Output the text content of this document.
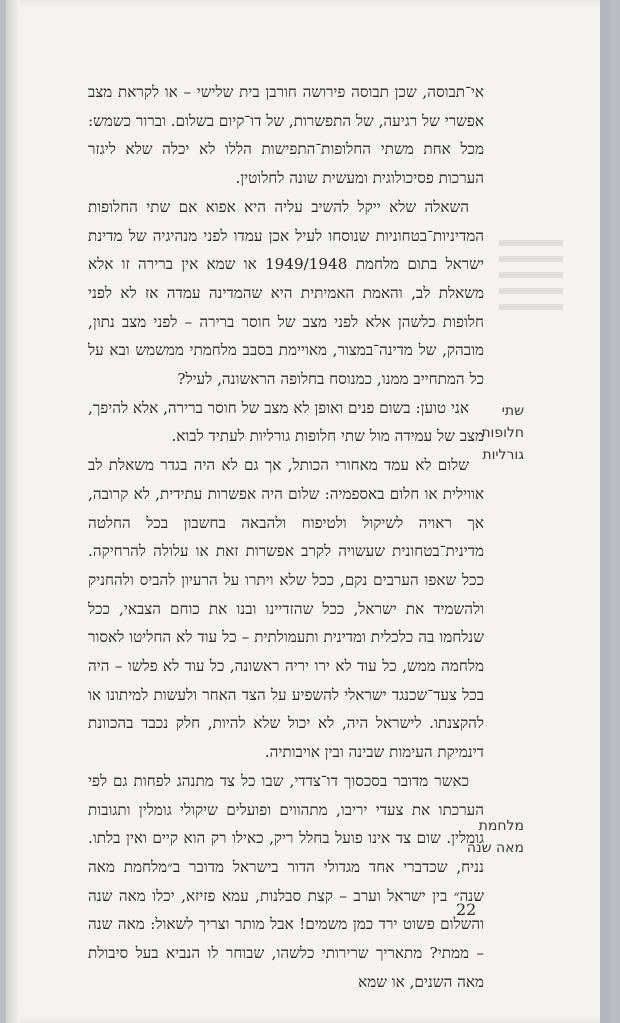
אי־תבוסה, שכן תבוסה פירושה חורבן בית שלישי – או לקראת מצב אפשרי של רגיעה, של התפשרות, של דו־קיום בשלום. וברור כשמש: מכל אחת משתי החלופות־התפישות הללו לא יכלה שלא ליגזר הערכות פסיכולוגית ומעשית שונה לחלוטין.

השאלה שלא ייקל להשיב עליה היא אפוא אם שתי החלופות המדיניות־בטחוניות שנוסחו לעיל אכן עמדו לפני מנהיגיה של מדינת ישראל בתום מלחמת 1949/1948 או שמא אין ברירה זו אלא משאלת לב, והאמת האמיתית היא שהמדינה עמדה אז לא לפני חלופות כלשהן אלא לפני מצב של חוסר ברירה – לפני מצב נתון, מובהק, של מדינה־במצור, מאויימת בסבב מלחמתי ממשמש ובא על כל המתחייב ממנו, כמנוסח בחלופה הראשונה, לעיל?

אני טוען: בשום פנים ואופן לא מצב של חוסר ברירה, אלא להיפך, מצב של עמידה מול שתי חלופות גורליות לעתיד לבוא.

שלום לא עמד מאחורי הכותל, אך גם לא היה בגדר משאלת לב אווילית או חלום באספמיה: שלום היה אפשרות עתידית, לא קרובה, אך ראויה לשיקול ולטיפוח ולהבאה בחשבון בכל החלטה מדינית־בטחונית שעשויה לקרב אפשרות זאת או עלולה להרחיקה. ככל שאפו הערבים נקם, ככל שלא ויתרו על הרעיון להביס ולהחניק ולהשמיד את ישראל, ככל שהזדיינו ובנו את כוחם הצבאי, ככל שנלחמו בה כלכלית ומדינית ותעמולתית – כל עוד לא החליטו לאסור מלחמה ממש, כל עוד לא ירו יריה ראשונה, כל עוד לא פלשו – היה בכל צעד־שכנגד ישראלי להשפיע על הצד האחר ולעשות למיתונו או להקצנתו. לישראל היה, לא יכול שלא להיות, חלק נכבד בהכוונת דינמיקת העימות שבינה ובין אויבותיה.

כאשר מדובר בסכסוך דו־צדדי, שבו כל צד מתנהג לפחות גם לפי הערכתו את צעדי יריבו, מתהווים ופועלים שיקולי גומלין ותגובות גומלין. שום צד אינו פועל בחלל ריק, כאילו רק הוא קיים ואין בלתו. נניח, שכדברי אחד מגדולי הדור בישראל מדובר ב״מלחמת מאה שנה״ בין ישראל וערב – קצת סבלנות, עמא פזיזא, יכלו מאה שנה והשלום פשוט ירד כמן משמים! אבל מותר וצריך לשאול: מאה שנה – ממתי? מתאריך שרירותי כלשהו, שבוחר לו הנביא בעל סיבולת מאה השנים, או שמא

שתי חלופות גורליות
מלחמת מאה שנה
22
